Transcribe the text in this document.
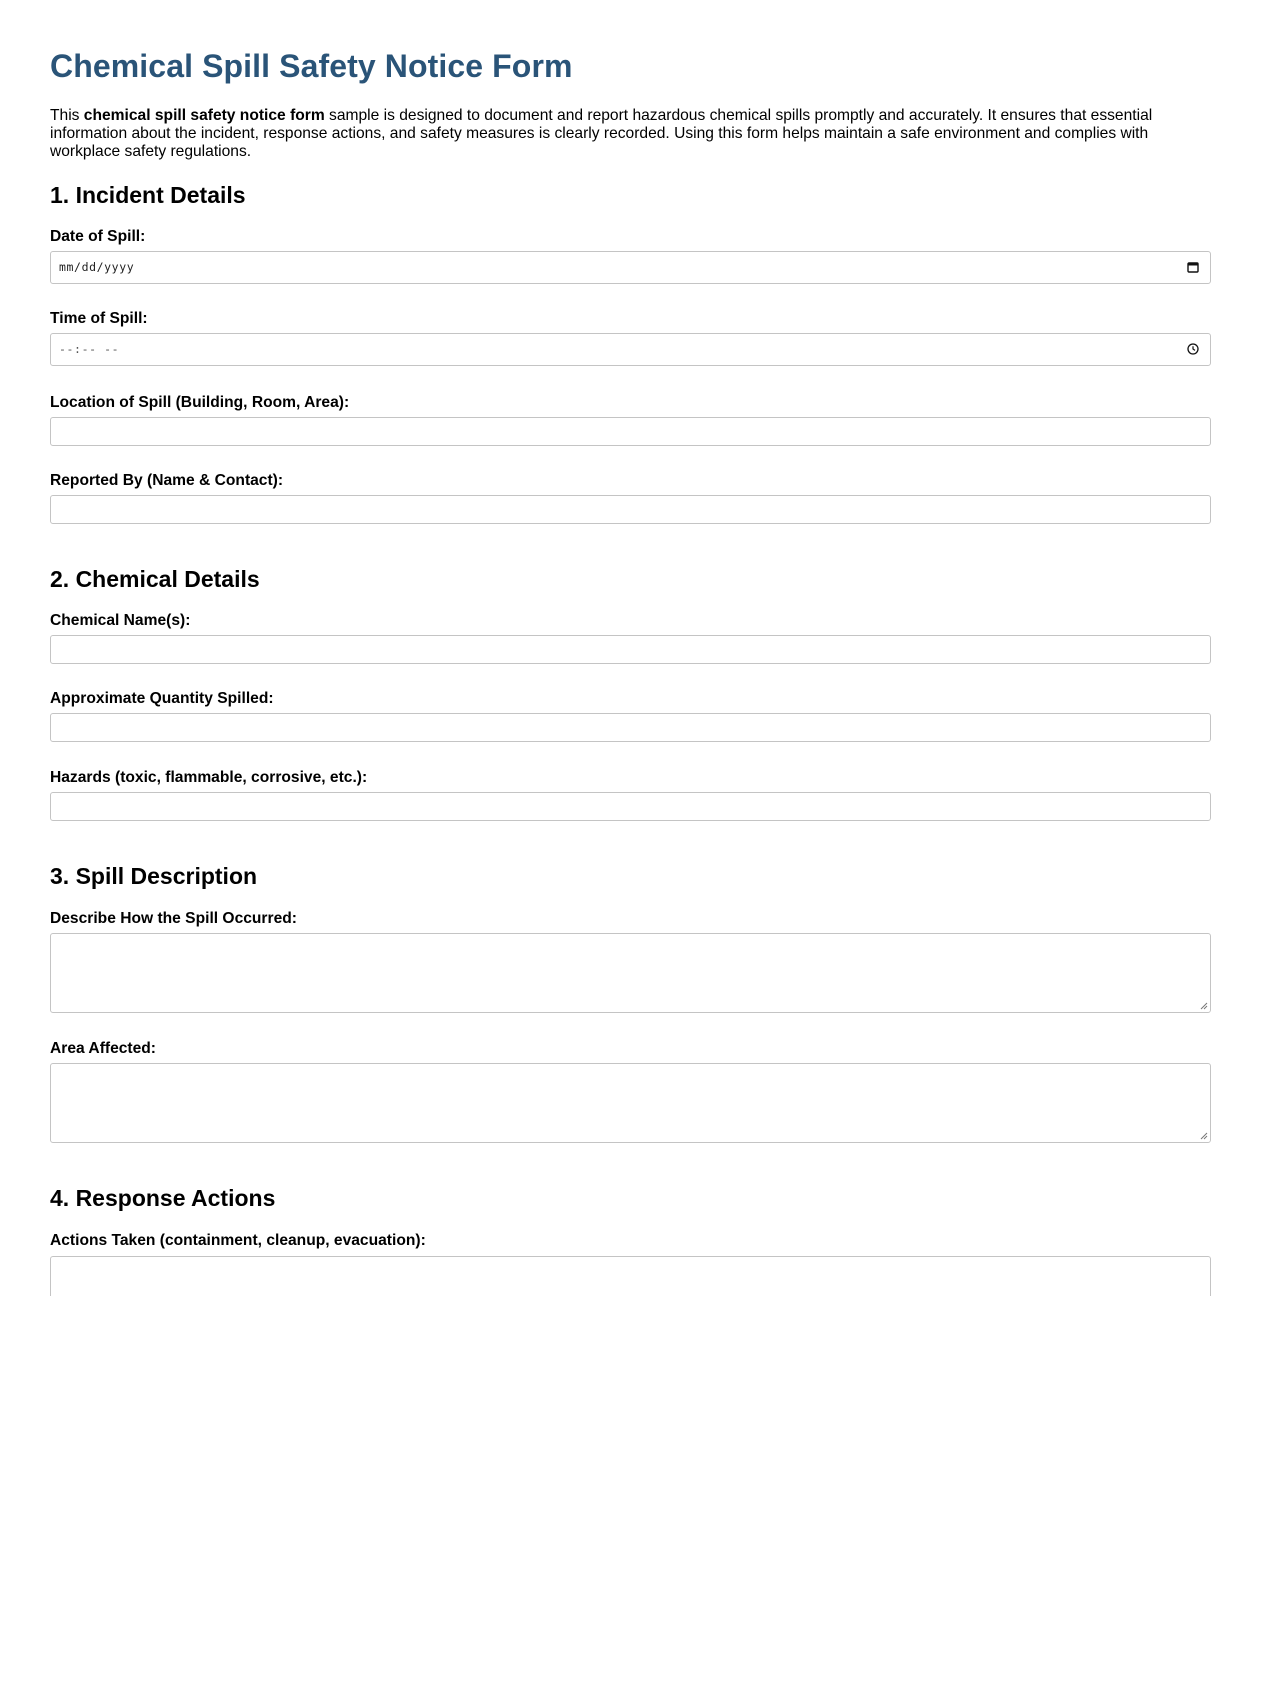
Chemical Spill Safety Notice Form

This chemical spill safety notice form sample is designed to document and report hazardous chemical spills promptly and accurately. It ensures that essential information about the incident, response actions, and safety measures is clearly recorded. Using this form helps maintain a safe environment and complies with workplace safety regulations.

1. Incident Details
Date of Spill:
mm/dd/yyyy
Time of Spill:
--:-- --
Location of Spill (Building, Room, Area):
Reported By (Name & Contact):
2. Chemical Details
Chemical Name(s):
Approximate Quantity Spilled:
Hazards (toxic, flammable, corrosive, etc.):
3. Spill Description
Describe How the Spill Occurred:
Area Affected:
4. Response Actions
Actions Taken (containment, cleanup, evacuation):
